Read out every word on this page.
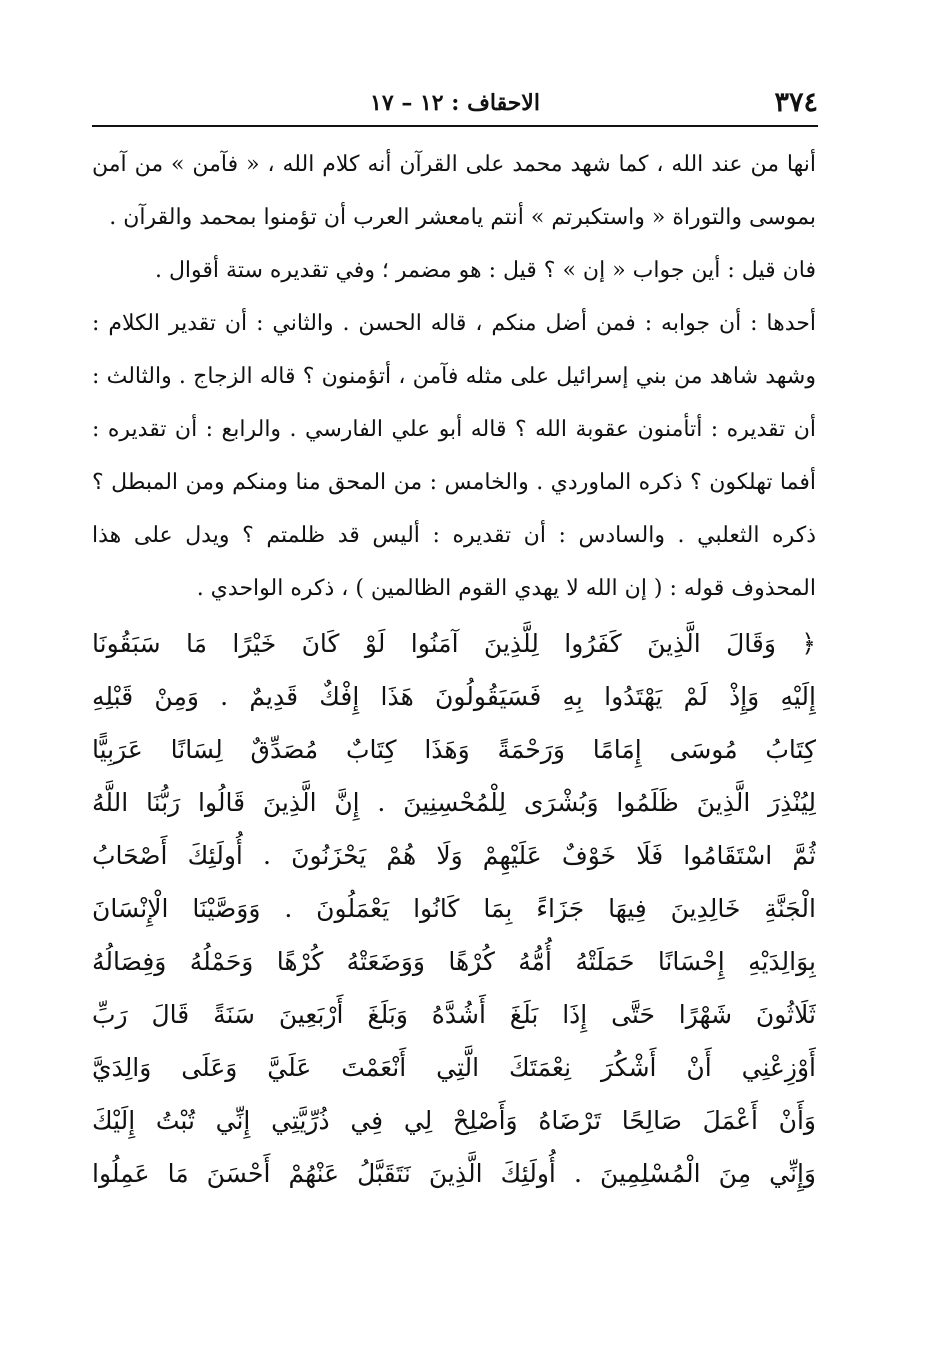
٣٧٤
الاحقاف : ١٢ – ١٧
أنها من عند الله ، كما شهد محمد على القرآن أنه كلام الله ، « فآمن » من آمن
بموسى والتوراة « واستكبرتم » أنتم يامعشر العرب أن تؤمنوا بمحمد والقرآن .
فان قيل : أين جواب « إن » ؟ قيل : هو مضمر ؛ وفي تقديره ستة أقوال .
أحدها : أن جوابه : فمن أضل منكم ، قاله الحسن . والثاني : أن تقدير الكلام :
وشهد شاهد من بني إسرائيل على مثله فآمن ، أتؤمنون ؟ قاله الزجاج . والثالث :
أن تقديره : أتأمنون عقوبة الله ؟ قاله أبو علي الفارسي . والرابع : أن تقديره :
أفما تهلكون ؟ ذكره الماوردي . والخامس : من المحق منا ومنكم ومن المبطل ؟
ذكره الثعلبي . والسادس : أن تقديره : أليس قد ظلمتم ؟ ويدل على هذا
المحذوف قوله : ( إن الله لا يهدي القوم الظالمين ) ، ذكره الواحدي .
﴿ وَقَالَ الَّذِينَ كَفَرُوا لِلَّذِينَ آمَنُوا لَوْ كَانَ خَيْرًا مَا سَبَقُونَا
إِلَيْهِ وَإِذْ لَمْ يَهْتَدُوا بِهِ فَسَيَقُولُونَ هَذَا إِفْكٌ قَدِيمٌ . وَمِنْ قَبْلِهِ
كِتَابُ مُوسَى إِمَامًا وَرَحْمَةً وَهَذَا كِتَابٌ مُصَدِّقٌ لِسَانًا عَرَبِيًّا
لِيُنْذِرَ الَّذِينَ ظَلَمُوا وَبُشْرَى لِلْمُحْسِنِينَ . إِنَّ الَّذِينَ قَالُوا رَبُّنَا اللَّهُ
ثُمَّ اسْتَقَامُوا فَلَا خَوْفٌ عَلَيْهِمْ وَلَا هُمْ يَحْزَنُونَ . أُولَئِكَ أَصْحَابُ
الْجَنَّةِ خَالِدِينَ فِيهَا جَزَاءً بِمَا كَانُوا يَعْمَلُونَ . وَوَصَّيْنَا الْإِنْسَانَ
بِوَالِدَيْهِ إِحْسَانًا حَمَلَتْهُ أُمُّهُ كُرْهًا وَوَضَعَتْهُ كُرْهًا وَحَمْلُهُ وَفِصَالُهُ
ثَلَاثُونَ شَهْرًا حَتَّى إِذَا بَلَغَ أَشُدَّهُ وَبَلَغَ أَرْبَعِينَ سَنَةً قَالَ رَبِّ
أَوْزِعْنِي أَنْ أَشْكُرَ نِعْمَتَكَ الَّتِي أَنْعَمْتَ عَلَيَّ وَعَلَى وَالِدَيَّ
وَأَنْ أَعْمَلَ صَالِحًا تَرْضَاهُ وَأَصْلِحْ لِي فِي ذُرِّيَّتِي إِنِّي تُبْتُ إِلَيْكَ
وَإِنِّي مِنَ الْمُسْلِمِينَ . أُولَئِكَ الَّذِينَ نَتَقَبَّلُ عَنْهُمْ أَحْسَنَ مَا عَمِلُوا
